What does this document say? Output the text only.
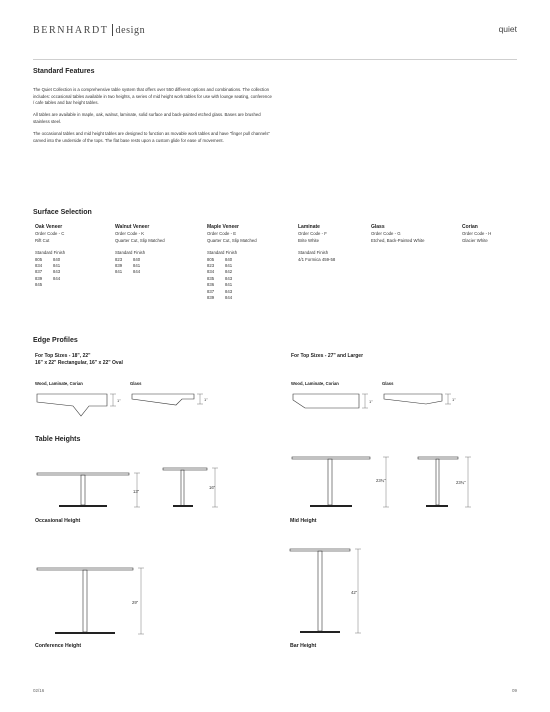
BERNHARDT design	quiet
Standard Features

The Quiet Collection is a comprehensive table system that offers over 550 different options and combinations. The collection includes: occasional tables available in two heights, a series of mid height work tables for use with lounge seating, conference / cafe tables and bar height tables.

All tables are available in maple, oak, walnut, laminate, solid surface and back-painted etched glass. Bases are brushed stainless steel.

The occasional tables and mid height tables are designed to function as movable work tables and have "finger pull channels" carved into the underside of the tops. The flat base rests upon a custom glide for ease of movement.

Surface Selection
Oak Veneer
Order Code - C
Rift Cut
Standard Finish
805	840
834	841
837	843
839	844
845
Walnut Veneer
Order Code - K
Quarter Cut, Slip Matched
Standard Finish
823	840
839	841
841	844
Maple Veneer
Order Code - E
Quarter Cut, Slip Matched
Standard Finish
805	840
823	841
834	842
835	843
836	841
837	843
839	844
Laminate
Order Code - F
Brite White
Standard Finish
4/1 Formica 459-58
Glass
Order Code - G
Etched, Back-Painted White
Corian
Order Code - H
Glacier White
Edge Profiles
For Top Sizes - 18", 22"
16" x 22" Rectangular, 16" x 22" Oval
For Top Sizes - 27" and Larger
Wood, Laminate, Corian	Glass	Wood, Laminate, Corian	Glass
1"	1"	1"	1"
Table Heights
13"
16"
Occasional Height
23¾"	23¾"
Mid Height
29"
Conference Height
42"
Bar Height
02/16	09
